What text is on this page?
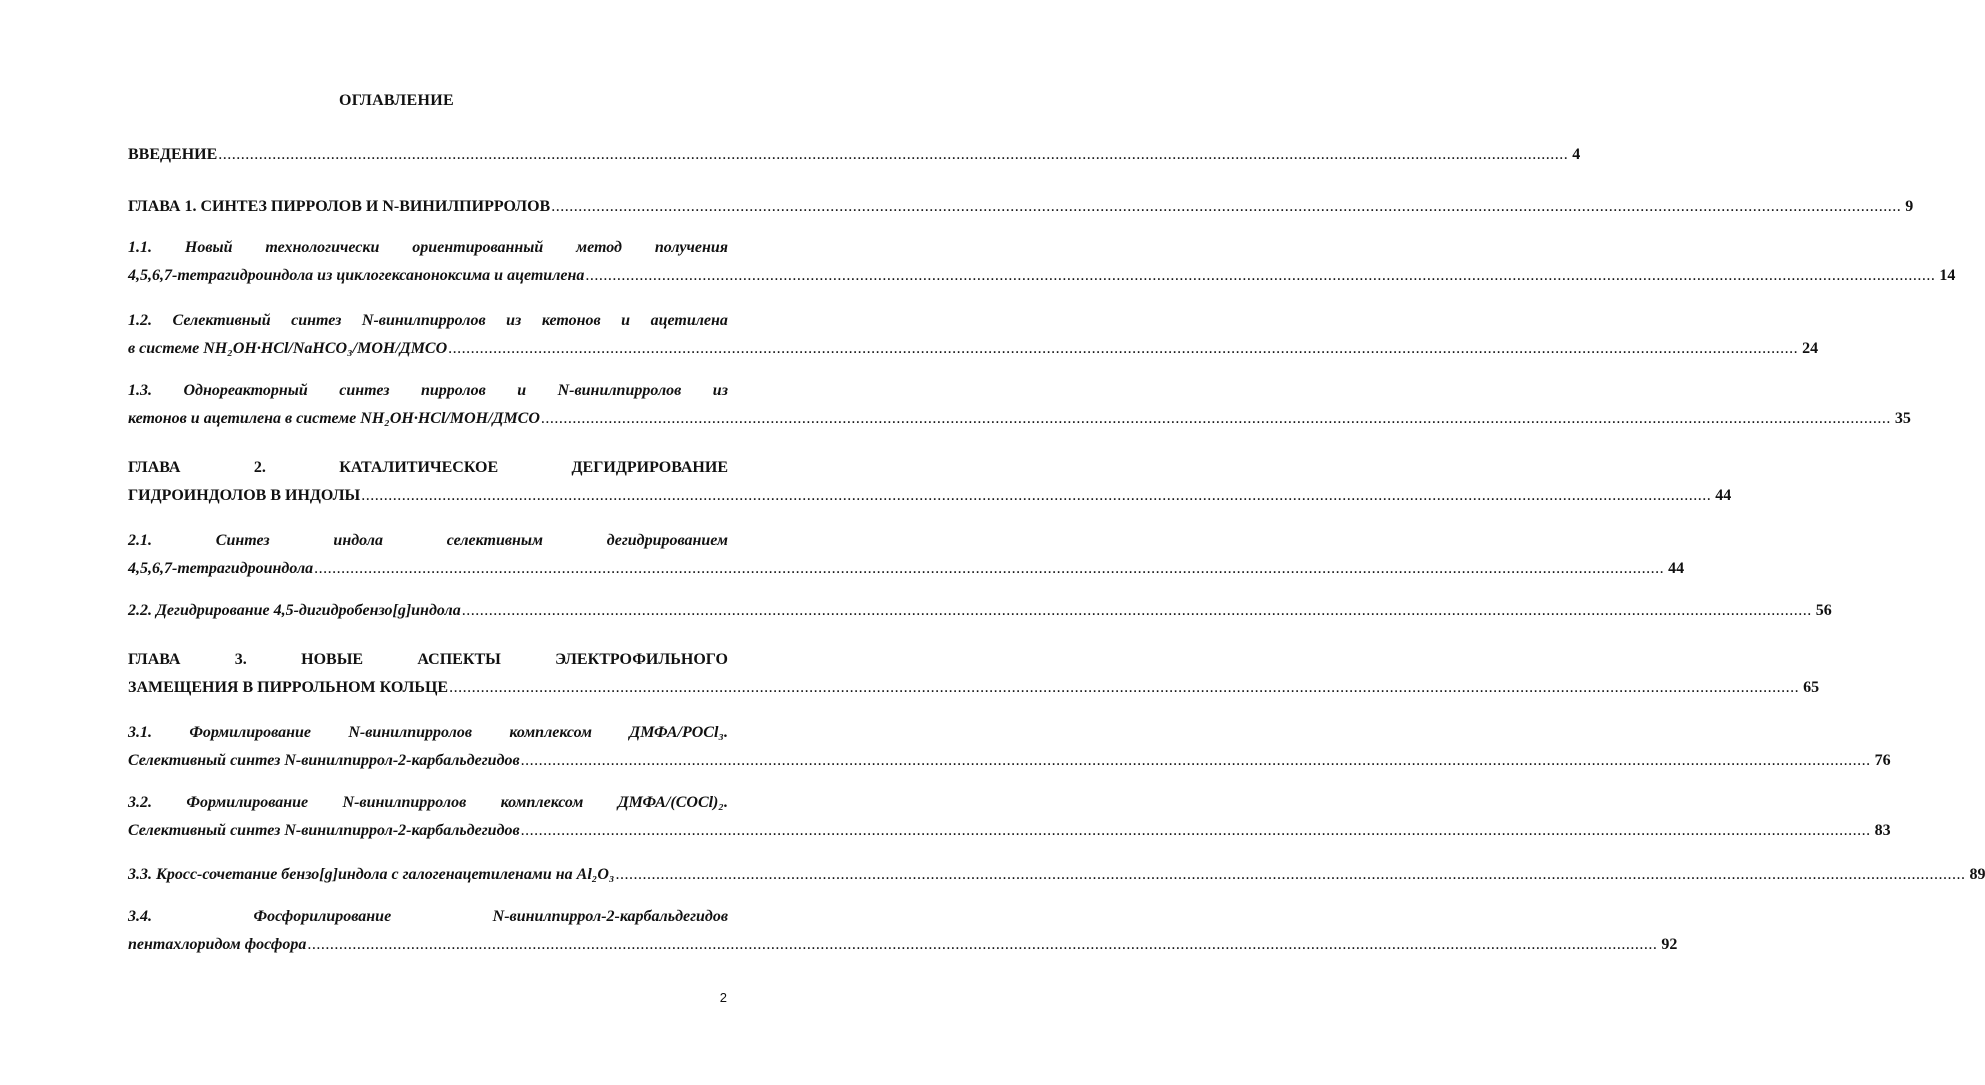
ОГЛАВЛЕНИЕ
ВВЕДЕНИЕ ............................................................................................................................................................................................................................................................................................................ 4
ГЛАВА 1. СИНТЕЗ ПИРРОЛОВ И N-ВИНИЛПИРРОЛОВ ............................................................................................................................................................................................................................................................................................................ 9
1.1. Новый технологически ориентированный метод получения
4,5,6,7-тетрагидроиндола из циклогексаноноксима и ацетилена ............................................................................................................................................................................................................................................................................................................ 14
1.2. Селективный синтез N-винилпирролов из кетонов и ацетилена
в системе NH₂OH·HCl/NaHCO₃/MOH/ДМСО ............................................................................................................................................................................................................................................................................................................ 24
1.3. Однореакторный синтез пирролов и N-винилпирролов из
кетонов и ацетилена в системе NH₂OH·HCl/MOH/ДМСО ............................................................................................................................................................................................................................................................................................................ 35
ГЛАВА	2.	КАТАЛИТИЧЕСКОЕ	ДЕГИДРИРОВАНИЕ
ГИДРОИНДОЛОВ В ИНДОЛЫ ............................................................................................................................................................................................................................................................................................................ 44
2.1.	Синтез	индола	селективным	дегидрированием
4,5,6,7-тетрагидроиндола ............................................................................................................................................................................................................................................................................................................ 44
2.2. Дегидрирование 4,5-дигидробензо[g]индола ............................................................................................................................................................................................................................................................................................................ 56
ГЛАВА	3.	НОВЫЕ	АСПЕКТЫ	ЭЛЕКТРОФИЛЬНОГО
ЗАМЕЩЕНИЯ В ПИРРОЛЬНОМ КОЛЬЦЕ ............................................................................................................................................................................................................................................................................................................ 65
3.1. Формилирование N-винилпирролов комплексом ДМФА/POCl₃.
Селективный синтез N-винилпиррол-2-карбальдегидов ............................................................................................................................................................................................................................................................................................................ 76
3.2. Формилирование N-винилпирролов комплексом ДМФА/(COCl)₂.
Селективный синтез N-винилпиррол-2-карбальдегидов ............................................................................................................................................................................................................................................................................................................ 83
3.3. Кросс-сочетание бензо[g]индола с галогенацетиленами на Al₂O₃ ............................................................................................................................................................................................................................................................................................................ 89
3.4.	Фосфорилирование	N-винилпиррол-2-карбальдегидов
пентахлоридом фосфора ............................................................................................................................................................................................................................................................................................................ 92
2
